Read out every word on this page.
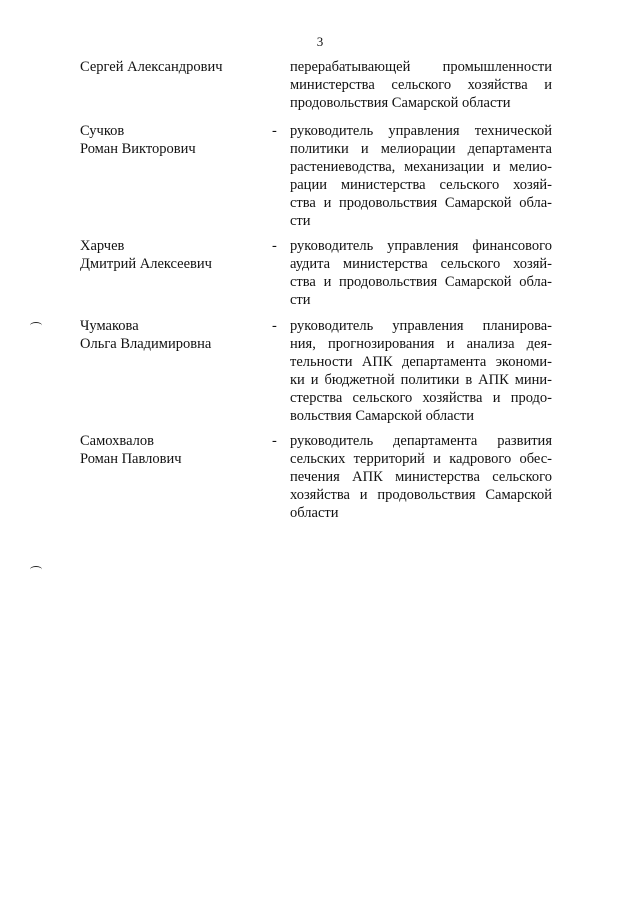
3
Сергей Александрович	перерабатывающей промышленности
министерства сельского хозяйства и
продовольствия Самарской области
Сучков
Роман Викторович
- руководитель управления технической
политики и мелиорации департамента
растениеводства, механизации и мелио-
рации министерства сельского хозяй-
ства и продовольствия Самарской обла-
сти
Харчев
Дмитрий Алексеевич
- руководитель управления финансового
аудита министерства сельского хозяй-
ства и продовольствия Самарской обла-
сти
Чумакова
Ольга Владимировна
- руководитель управления планирова-
ния, прогнозирования и анализа дея-
тельности АПК департамента экономи-
ки и бюджетной политики в АПК мини-
стерства сельского хозяйства и продо-
вольствия Самарской области
Самохвалов
Роман Павлович
- руководитель департамента развития
сельских территорий и кадрового обес-
печения АПК министерства сельского
хозяйства и продовольствия Самарской
области
